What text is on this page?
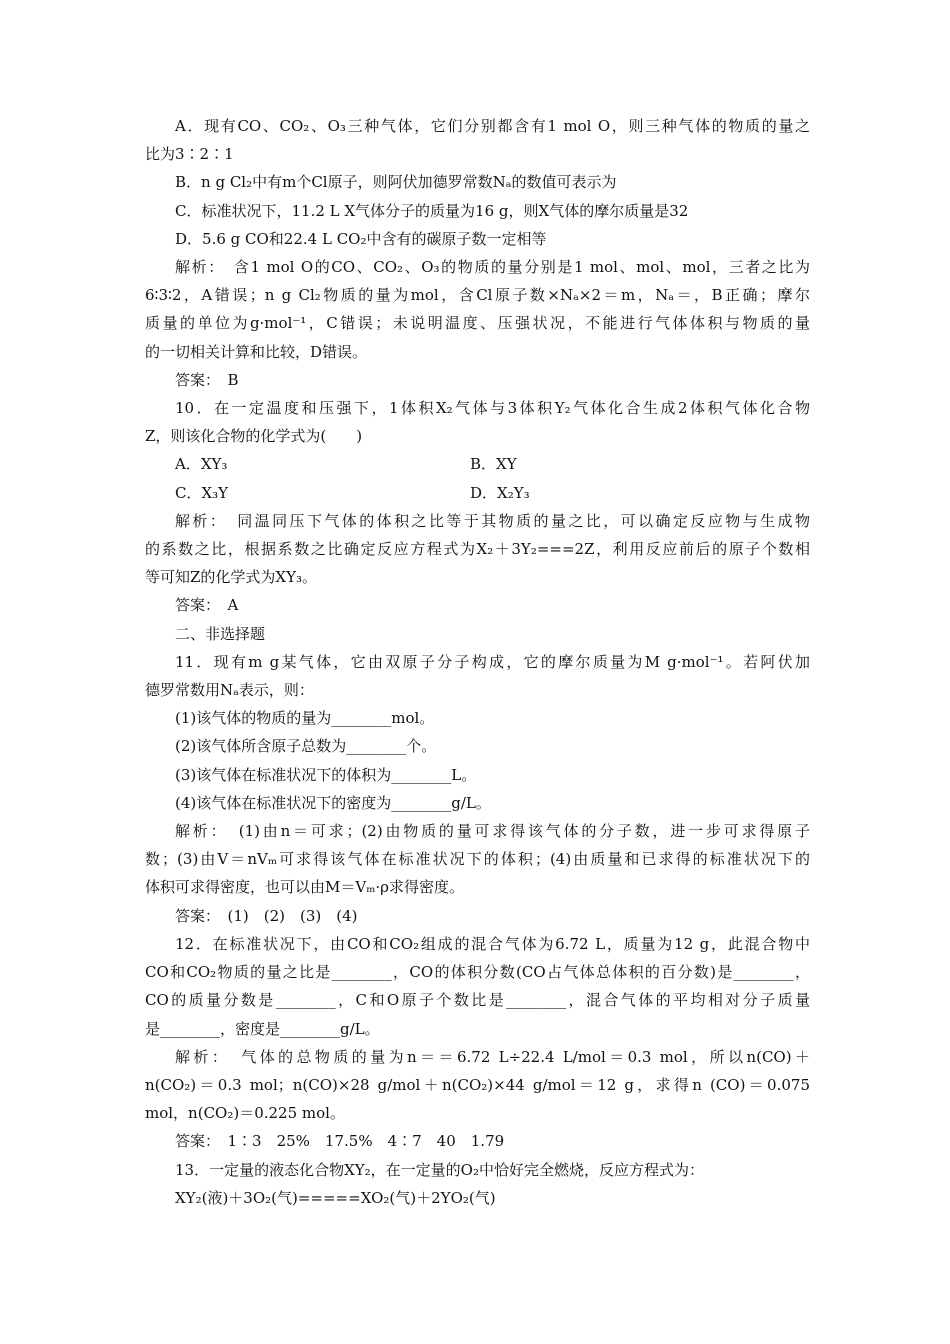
A．现有CO、CO₂、O₃三种气体，它们分别都含有1 mol O，则三种气体的物质的量之

比为3∶2∶1

B．n g Cl₂中有m个Cl原子，则阿伏加德罗常数Nₐ的数值可表示为

C．标准状况下，11.2 L X气体分子的质量为16 g，则X气体的摩尔质量是32

D．5.6 g CO和22.4 L CO₂中含有的碳原子数一定相等

解析：　含1 mol O的CO、CO₂、O₃的物质的量分别是1 mol、mol、mol，三者之比为

6∶3∶2，A错误；n g Cl₂物质的量为mol，含Cl原子数×Nₐ×2＝m，Nₐ＝，B正确；摩尔

质量的单位为g·mol⁻¹，C错误；未说明温度、压强状况，不能进行气体体积与物质的量

的一切相关计算和比较，D错误。

答案：　B

10．在一定温度和压强下，1体积X₂气体与3体积Y₂气体化合生成2体积气体化合物

Z，则该化合物的化学式为(　　)

A．XY₃	B．XY
C．X₃Y	D．X₂Y₃

解析：　同温同压下气体的体积之比等于其物质的量之比，可以确定反应物与生成物

的系数之比，根据系数之比确定反应方程式为X₂＋3Y₂===2Z，利用反应前后的原子个数相

等可知Z的化学式为XY₃。

答案：　A

二、非选择题

11．现有m g某气体，它由双原子分子构成，它的摩尔质量为M g·mol⁻¹。若阿伏加

德罗常数用Nₐ表示，则：

(1)该气体的物质的量为________mol。

(2)该气体所含原子总数为________个。

(3)该气体在标准状况下的体积为________L。

(4)该气体在标准状况下的密度为________g/L。

解析：　(1)由n＝可求；(2)由物质的量可求得该气体的分子数，进一步可求得原子

数；(3)由V＝nVₘ可求得该气体在标准状况下的体积；(4)由质量和已求得的标准状况下的

体积可求得密度，也可以由M＝Vₘ·ρ求得密度。

答案：　(1)　(2)　(3)　(4)

12．在标准状况下，由CO和CO₂组成的混合气体为6.72 L，质量为12 g，此混合物中

CO和CO₂物质的量之比是________，CO的体积分数(CO占气体总体积的百分数)是________，

CO的质量分数是________，C和O原子个数比是________，混合气体的平均相对分子质量

是________，密度是________g/L。

解析：　气体的总物质的量为n＝＝6.72 L÷22.4 L/mol＝0.3 mol，所以n(CO)＋

n(CO₂)＝0.3 mol；n(CO)×28 g/mol＋n(CO₂)×44 g/mol＝12 g，求得n (CO)＝0.075

mol，n(CO₂)＝0.225 mol。

答案：　1∶3　25%　17.5%　4∶7　40　1.79

13．一定量的液态化合物XY₂，在一定量的O₂中恰好完全燃烧，反应方程式为：

XY₂(液)＋3O₂(气)=====XO₂(气)＋2YO₂(气)
